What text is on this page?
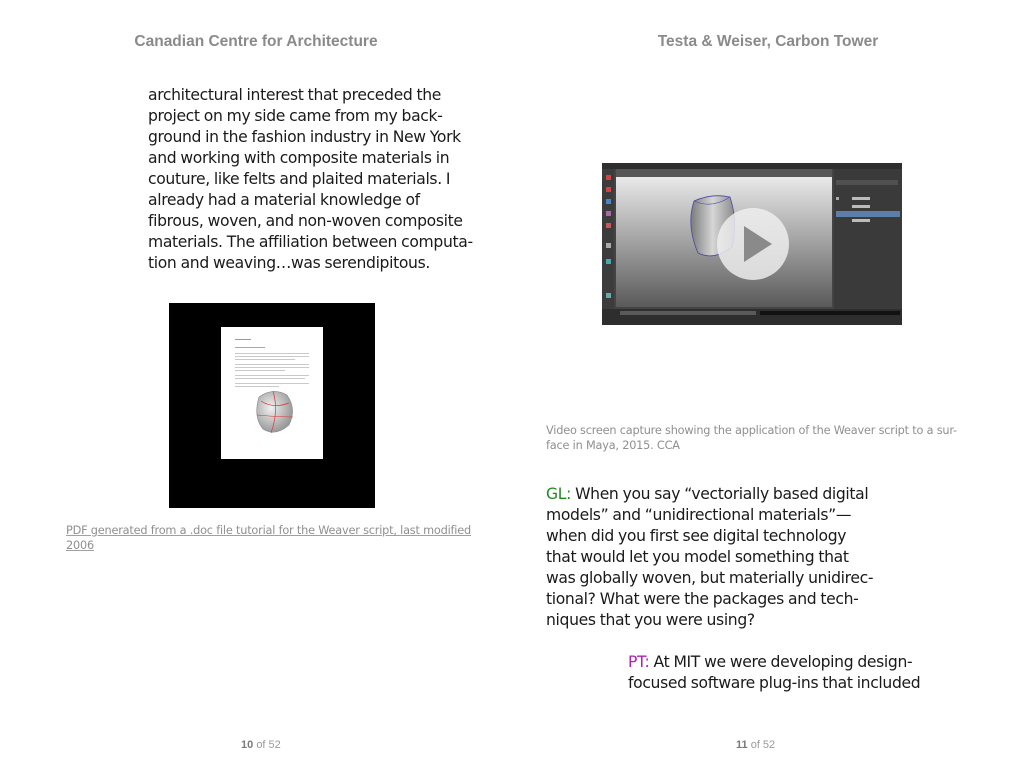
Canadian Centre for Architecture
architectural interest that preceded the
project on my side came from my back-
ground in the fashion industry in New York
and working with composite materials in
couture, like felts and plaited materials. I
already had a material knowledge of
fibrous, woven, and non-woven composite
materials. The affiliation between computa-
tion and weaving…was serendipitous.
PDF generated from a .doc file tutorial for the Weaver script, last modified
2006
10 of 52
Testa & Weiser, Carbon Tower
Video screen capture showing the application of the Weaver script to a sur-
face in Maya, 2015. CCA
GL: When you say “vectorially based digital
models” and “unidirectional materials”—
when did you first see digital technology
that would let you model something that
was globally woven, but materially unidirec-
tional? What were the packages and tech-
niques that you were using?
PT: At MIT we were developing design-
focused software plug-ins that included
11 of 52
